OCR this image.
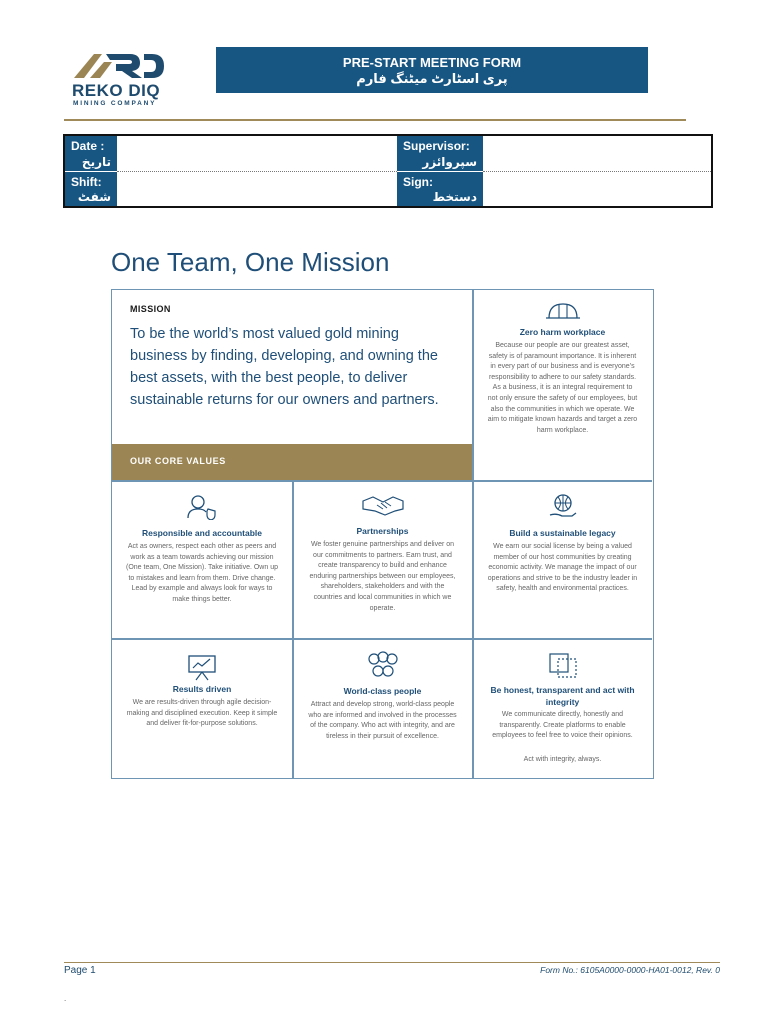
REKO DIQ
MINING COMPANY
PRE-START MEETING FORM
پری اسٹارٹ میٹنگ فارم
Date :
تاریخ
Supervisor:
سپروائزر
Shift:
شفٹ
Sign:
دستخط
One Team, One Mission
MISSION
To be the world’s most valued gold mining business by finding, developing, and owning the best assets, with the best people, to deliver sustainable returns for our owners and partners.
OUR CORE VALUES
Zero harm workplace
Because our people are our greatest asset, safety is of paramount importance. It is inherent in every part of our business and is everyone’s responsibility to adhere to our safety standards. As a business, it is an integral requirement to not only ensure the safety of our employees, but also the communities in which we operate. We aim to mitigate known hazards and target a zero harm workplace.
Responsible and accountable
Act as owners, respect each other as peers and work as a team towards achieving our mission (One team, One Mission). Take initiative. Own up to mistakes and learn from them. Drive change. Lead by example and always look for ways to make things better.
Partnerships
We foster genuine partnerships and deliver on our commitments to partners. Earn trust, and create transparency to build and enhance enduring partnerships between our employees, shareholders, stakeholders and with the countries and local communities in which we operate.
Build a sustainable legacy
We earn our social license by being a valued member of our host communities by creating economic activity. We manage the impact of our operations and strive to be the industry leader in safety, health and environmental practices.
Results driven
We are results-driven through agile decision-making and disciplined execution. Keep it simple and deliver fit-for-purpose solutions.
World-class people
Attract and develop strong, world-class people who are informed and involved in the processes of the company. Who act with integrity, and are tireless in their pursuit of excellence.
Be honest, transparent and act with integrity
We communicate directly, honestly and transparently. Create platforms to enable employees to feel free to voice their opinions.
Act with integrity, always.
Page 1	Form No.: 6105A0000-0000-HA01-0012, Rev. 0
.
